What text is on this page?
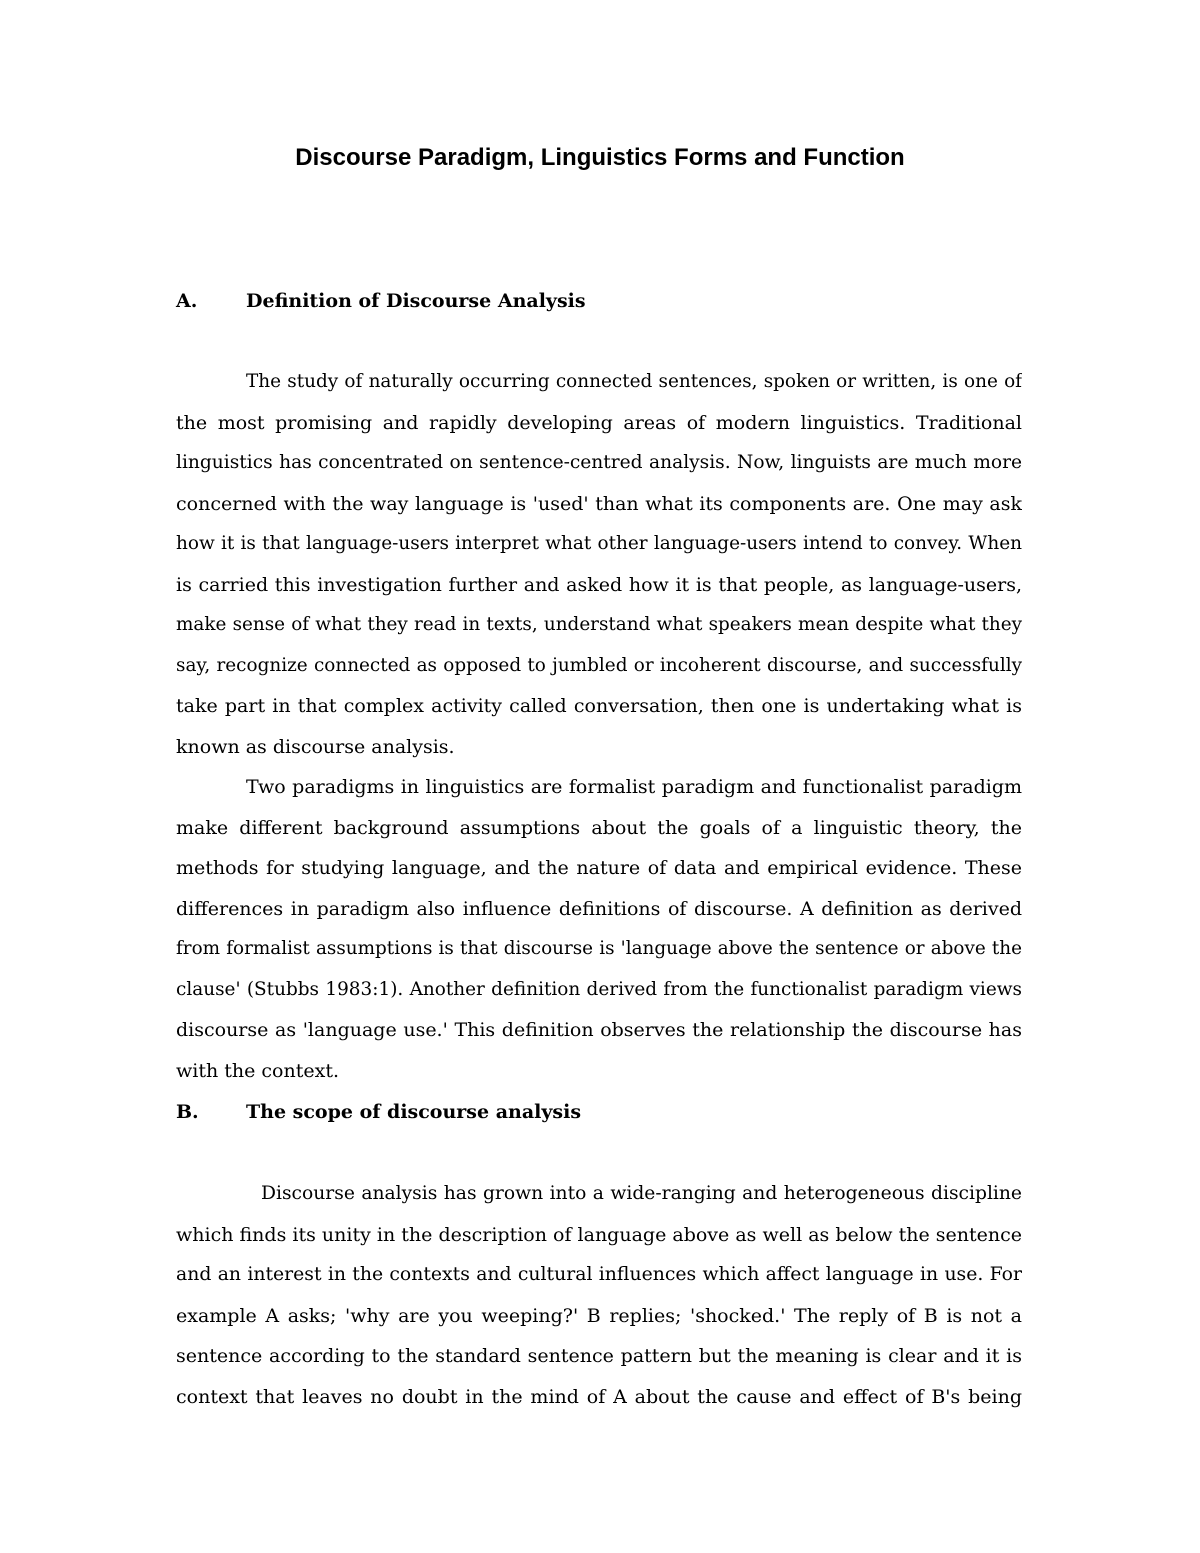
Discourse Paradigm, Linguistics Forms and Function
A.	Definition of Discourse Analysis
The study of naturally occurring connected sentences, spoken or written, is one of
the most promising and rapidly developing areas of modern linguistics. Traditional
linguistics has concentrated on sentence-centred analysis. Now, linguists are much more
concerned with the way language is 'used' than what its components are. One may ask
how it is that language-users interpret what other language-users intend to convey. When
is carried this investigation further and asked how it is that people, as language-users,
make sense of what they read in texts, understand what speakers mean despite what they
say, recognize connected as opposed to jumbled or incoherent discourse, and successfully
take part in that complex activity called conversation, then one is undertaking what is
known as discourse analysis.
Two paradigms in linguistics are formalist paradigm and functionalist paradigm
make different background assumptions about the goals of a linguistic theory, the
methods for studying language, and the nature of data and empirical evidence. These
differences in paradigm also influence definitions of discourse. A definition as derived
from formalist assumptions is that discourse is 'language above the sentence or above the
clause' (Stubbs 1983:1). Another definition derived from the functionalist paradigm views
discourse as 'language use.' This definition observes the relationship the discourse has
with the context.
B. The scope of discourse analysis
Discourse analysis has grown into a wide-ranging and heterogeneous discipline
which finds its unity in the description of language above as well as below the sentence
and an interest in the contexts and cultural influences which affect language in use. For
example A asks; 'why are you weeping?' B replies; 'shocked.' The reply of B is not a
sentence according to the standard sentence pattern but the meaning is clear and it is
context that leaves no doubt in the mind of A about the cause and effect of B's being
